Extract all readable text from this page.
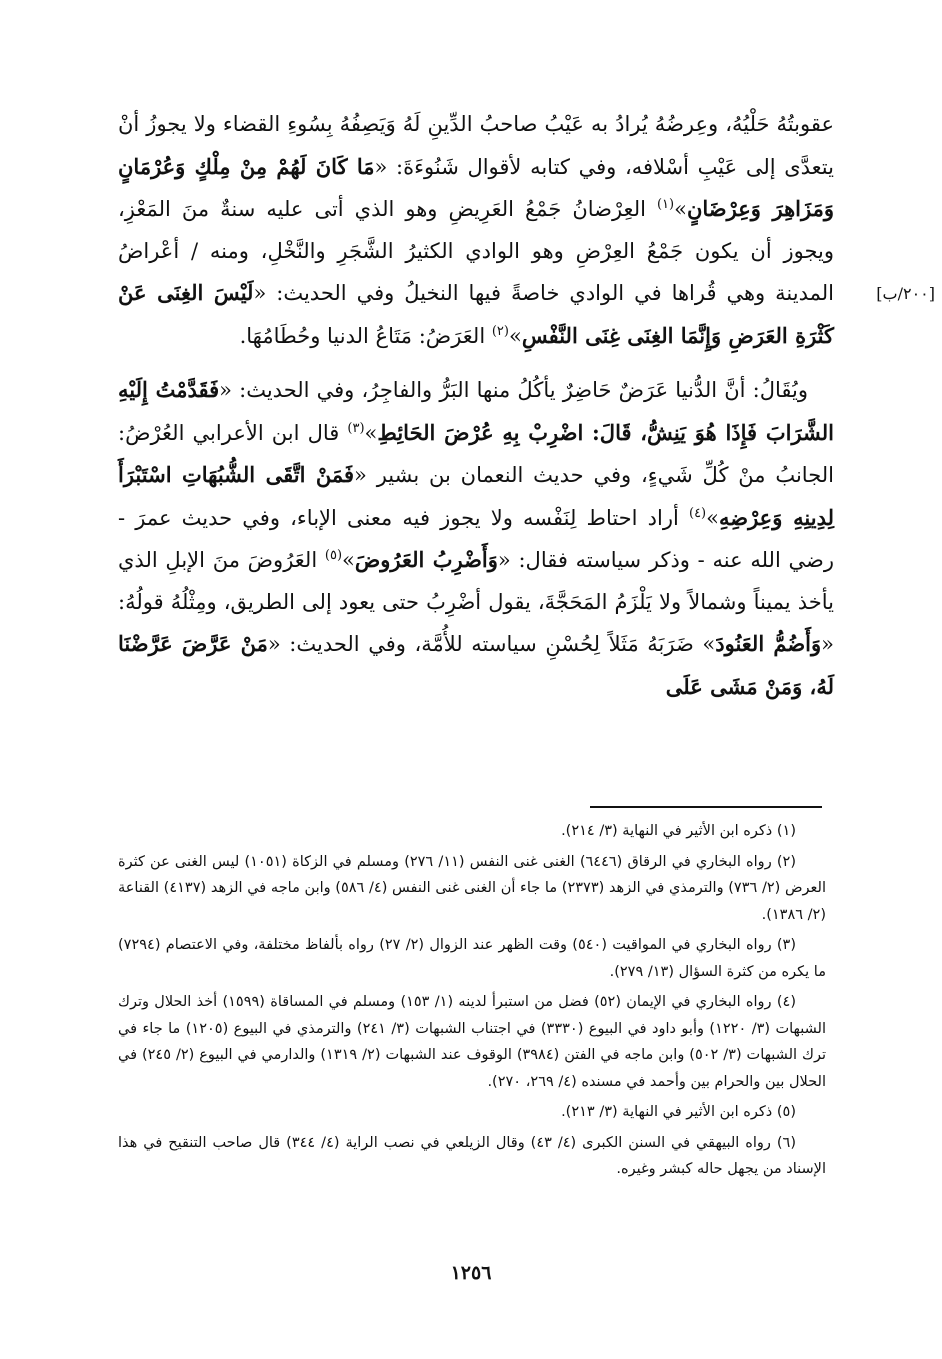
[٢٠٠/ب]

عقوبتُهُ حَلْيُهُ، وعِرضُهُ يُرادُ به عَيْبُ صاحبُ الدِّينِ لَهُ وَيَصِفُهُ بِسُوءِ القضاء ولا يجوزُ أنْ يتعدَّى إلى عَيْبِ أسْلافه، وفي كتابه لأقوال شَنُوءَةَ: «مَا كَانَ لَهُمْ مِنْ مِلْكٍ وَعُرْمَانٍ وَمَزَاهِرَ وَعِرْضَانٍ»$^{(١)}$ العِرْضانُ جَمْعُ العَرِيضِ وهو الذي أتى عليه سنةٌ منَ المَعْزِ، ويجوز أن يكون جَمْعُ العِرْضِ وهو الوادي الكثيرُ الشَّجَرِ والنَّخْلِ، ومنه / أعْراضُ المدينة وهي قُراها في الوادي خاصةً فيها النخيلُ وفي الحديث: «لَيْسَ الغِنَى عَنْ كَثْرَةِ العَرَضِ وَإِنَّمَا الغِنَى غِنَى النَّفْسِ»$^{(٢)}$ العَرَضُ: مَتَاعُ الدنيا وحُطَامُهَا.

ويُقَالُ: أنَّ الدُّنيا عَرَضٌ حَاضِرٌ يأكُلُ منها البَرُّ والفاجِرُ، وفي الحديث: «فَقَدَّمْتُ إِلَيْهِ الشَّرَابَ فَإِذَا هُوَ يَنِشُّ، قَالَ: اضْرِبْ بِهِ عُرْضَ الحَائِطِ»$^{(٣)}$ قال ابن الأعرابي العُرْضُ: الجانبُ منْ كُلِّ شَيءٍ، وفي حديث النعمان بن بشير «فَمَنْ اتَّقَى الشُّبُهَاتِ اسْتَبْرَأَ لِدِينِهِ وَعِرْضِهِ»$^{(٤)}$ أراد احتاط لِنَفْسه ولا يجوز فيه معنى الإباء، وفي حديث عمرَ - رضي الله عنه - وذكر سياسته فقال: «وَأَضْرِبُ العَرُوضَ»$^{(٥)}$ العَرُوضَ منَ الإبلِ الذي يأخذ يميناً وشمالاً ولا يَلْزَمُ المَحَجَّةَ، يقول أضْرِبُ حتى يعود إلى الطريق، ومِثْلُهُ قولُهُ: «وَأَضُمُّ العَنُودَ» ضَرَبَهُ مَثَلاً لِحُسْنِ سياسته للأُمَّة، وفي الحديث: «مَنْ عَرَّضَ عَرَّضْنَا لَهُ، وَمَنْ مَشَى عَلَى

(١) ذكره ابن الأثير في النهاية (٣/ ٢١٤).

(٢) رواه البخاري في الرقاق (٦٤٤٦) الغنى غنى النفس (١١/ ٢٧٦) ومسلم في الزكاة (١٠٥١) ليس الغنى عن كثرة العرض (٢/ ٧٣٦) والترمذي في الزهد (٢٣٧٣) ما جاء أن الغنى غنى النفس (٤/ ٥٨٦) وابن ماجه في الزهد (٤١٣٧) القناعة (٢/ ١٣٨٦).

(٣) رواه البخاري في المواقيت (٥٤٠) وقت الظهر عند الزوال (٢/ ٢٧) رواه بألفاظ مختلفة، وفي الاعتصام (٧٢٩٤) ما يكره من كثرة السؤال (١٣/ ٢٧٩).

(٤) رواه البخاري في الإيمان (٥٢) فضل من استبرأ لدينه (١/ ١٥٣) ومسلم في المساقاة (١٥٩٩) أخذ الحلال وترك الشبهات (٣/ ١٢٢٠) وأبو داود في البيوع (٣٣٣٠) في اجتناب الشبهات (٣/ ٢٤١) والترمذي في البيوع (١٢٠٥) ما جاء في ترك الشبهات (٣/ ٥٠٢) وابن ماجه في الفتن (٣٩٨٤) الوقوف عند الشبهات (٢/ ١٣١٩) والدارمي في البيوع (٢/ ٢٤٥) في الحلال بين والحرام بين وأحمد في مسنده (٤/ ٢٦٩، ٢٧٠).

(٥) ذكره ابن الأثير في النهاية (٣/ ٢١٣).

(٦) رواه البيهقي في السنن الكبرى (٤/ ٤٣) وقال الزيلعي في نصب الراية (٤/ ٣٤٤) قال صاحب التنقيح في هذا الإسناد من يجهل حاله كبشر وغيره.

١٢٥٦
